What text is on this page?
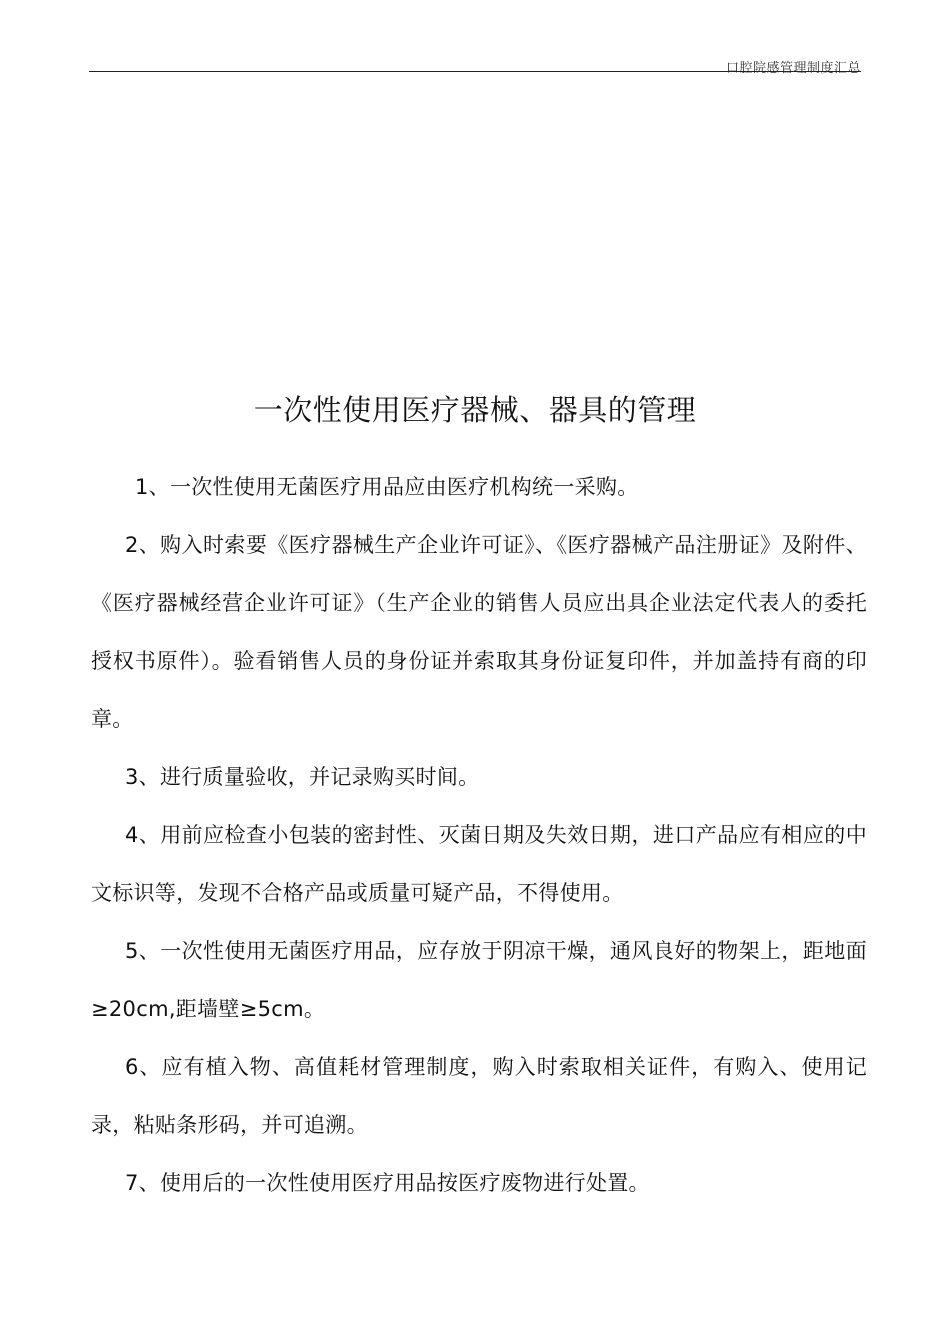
口腔院感管理制度汇总
一次性使用医疗器械、器具的管理

1、一次性使用无菌医疗用品应由医疗机构统一采购。

2、购入时索要《医疗器械生产企业许可证》、《医疗器械产品注册证》及附件、《医疗器械经营企业许可证》（生产企业的销售人员应出具企业法定代表人的委托授权书原件）。验看销售人员的身份证并索取其身份证复印件，并加盖持有商的印章。

3、进行质量验收，并记录购买时间。

4、用前应检查小包装的密封性、灭菌日期及失效日期，进口产品应有相应的中文标识等，发现不合格产品或质量可疑产品，不得使用。

5、一次性使用无菌医疗用品，应存放于阴凉干燥，通风良好的物架上，距地面≥20cm,距墙壁≥5cm。

6、应有植入物、高值耗材管理制度，购入时索取相关证件，有购入、使用记录，粘贴条形码，并可追溯。

7、使用后的一次性使用医疗用品按医疗废物进行处置。
